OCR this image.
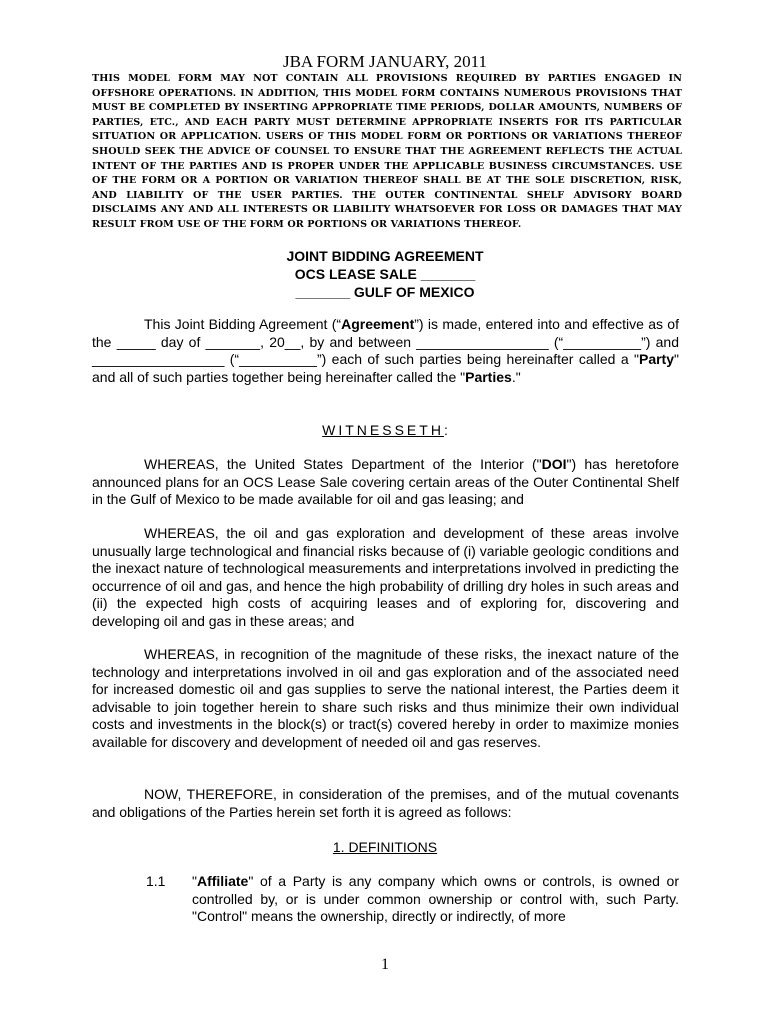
JBA FORM JANUARY, 2011
THIS MODEL FORM MAY NOT CONTAIN ALL PROVISIONS REQUIRED BY PARTIES ENGAGED IN OFFSHORE OPERATIONS. IN ADDITION, THIS MODEL FORM CONTAINS NUMEROUS PROVISIONS THAT MUST BE COMPLETED BY INSERTING APPROPRIATE TIME PERIODS, DOLLAR AMOUNTS, NUMBERS OF PARTIES, ETC., AND EACH PARTY MUST DETERMINE APPROPRIATE INSERTS FOR ITS PARTICULAR SITUATION OR APPLICATION. USERS OF THIS MODEL FORM OR PORTIONS OR VARIATIONS THEREOF SHOULD SEEK THE ADVICE OF COUNSEL TO ENSURE THAT THE AGREEMENT REFLECTS THE ACTUAL INTENT OF THE PARTIES AND IS PROPER UNDER THE APPLICABLE BUSINESS CIRCUMSTANCES. USE OF THE FORM OR A PORTION OR VARIATION THEREOF SHALL BE AT THE SOLE DISCRETION, RISK, AND LIABILITY OF THE USER PARTIES. THE OUTER CONTINENTAL SHELF ADVISORY BOARD DISCLAIMS ANY AND ALL INTERESTS OR LIABILITY WHATSOEVER FOR LOSS OR DAMAGES THAT MAY RESULT FROM USE OF THE FORM OR PORTIONS OR VARIATIONS THEREOF.
JOINT BIDDING AGREEMENT
OCS LEASE SALE _______
_______ GULF OF MEXICO
This Joint Bidding Agreement (“Agreement”) is made, entered into and effective as of the _____ day of _______, 20__, by and between _________________ (“__________”) and _________________ (“__________”) each of such parties being hereinafter called a "Party" and all of such parties together being hereinafter called the "Parties."
WITNESSETH:
WHEREAS, the United States Department of the Interior ("DOI") has heretofore announced plans for an OCS Lease Sale covering certain areas of the Outer Continental Shelf in the Gulf of Mexico to be made available for oil and gas leasing; and
WHEREAS, the oil and gas exploration and development of these areas involve unusually large technological and financial risks because of (i) variable geologic conditions and the inexact nature of technological measurements and interpretations involved in predicting the occurrence of oil and gas, and hence the high probability of drilling dry holes in such areas and (ii) the expected high costs of acquiring leases and of exploring for, discovering and developing oil and gas in these areas; and
WHEREAS, in recognition of the magnitude of these risks, the inexact nature of the technology and interpretations involved in oil and gas exploration and of the associated need for increased domestic oil and gas supplies to serve the national interest, the Parties deem it advisable to join together herein to share such risks and thus minimize their own individual costs and investments in the block(s) or tract(s) covered hereby in order to maximize monies available for discovery and development of needed oil and gas reserves.
NOW, THEREFORE, in consideration of the premises, and of the mutual covenants and obligations of the Parties herein set forth it is agreed as follows:
1. DEFINITIONS
1.1 "Affiliate" of a Party is any company which owns or controls, is owned or controlled by, or is under common ownership or control with, such Party. "Control" means the ownership, directly or indirectly, of more
1
